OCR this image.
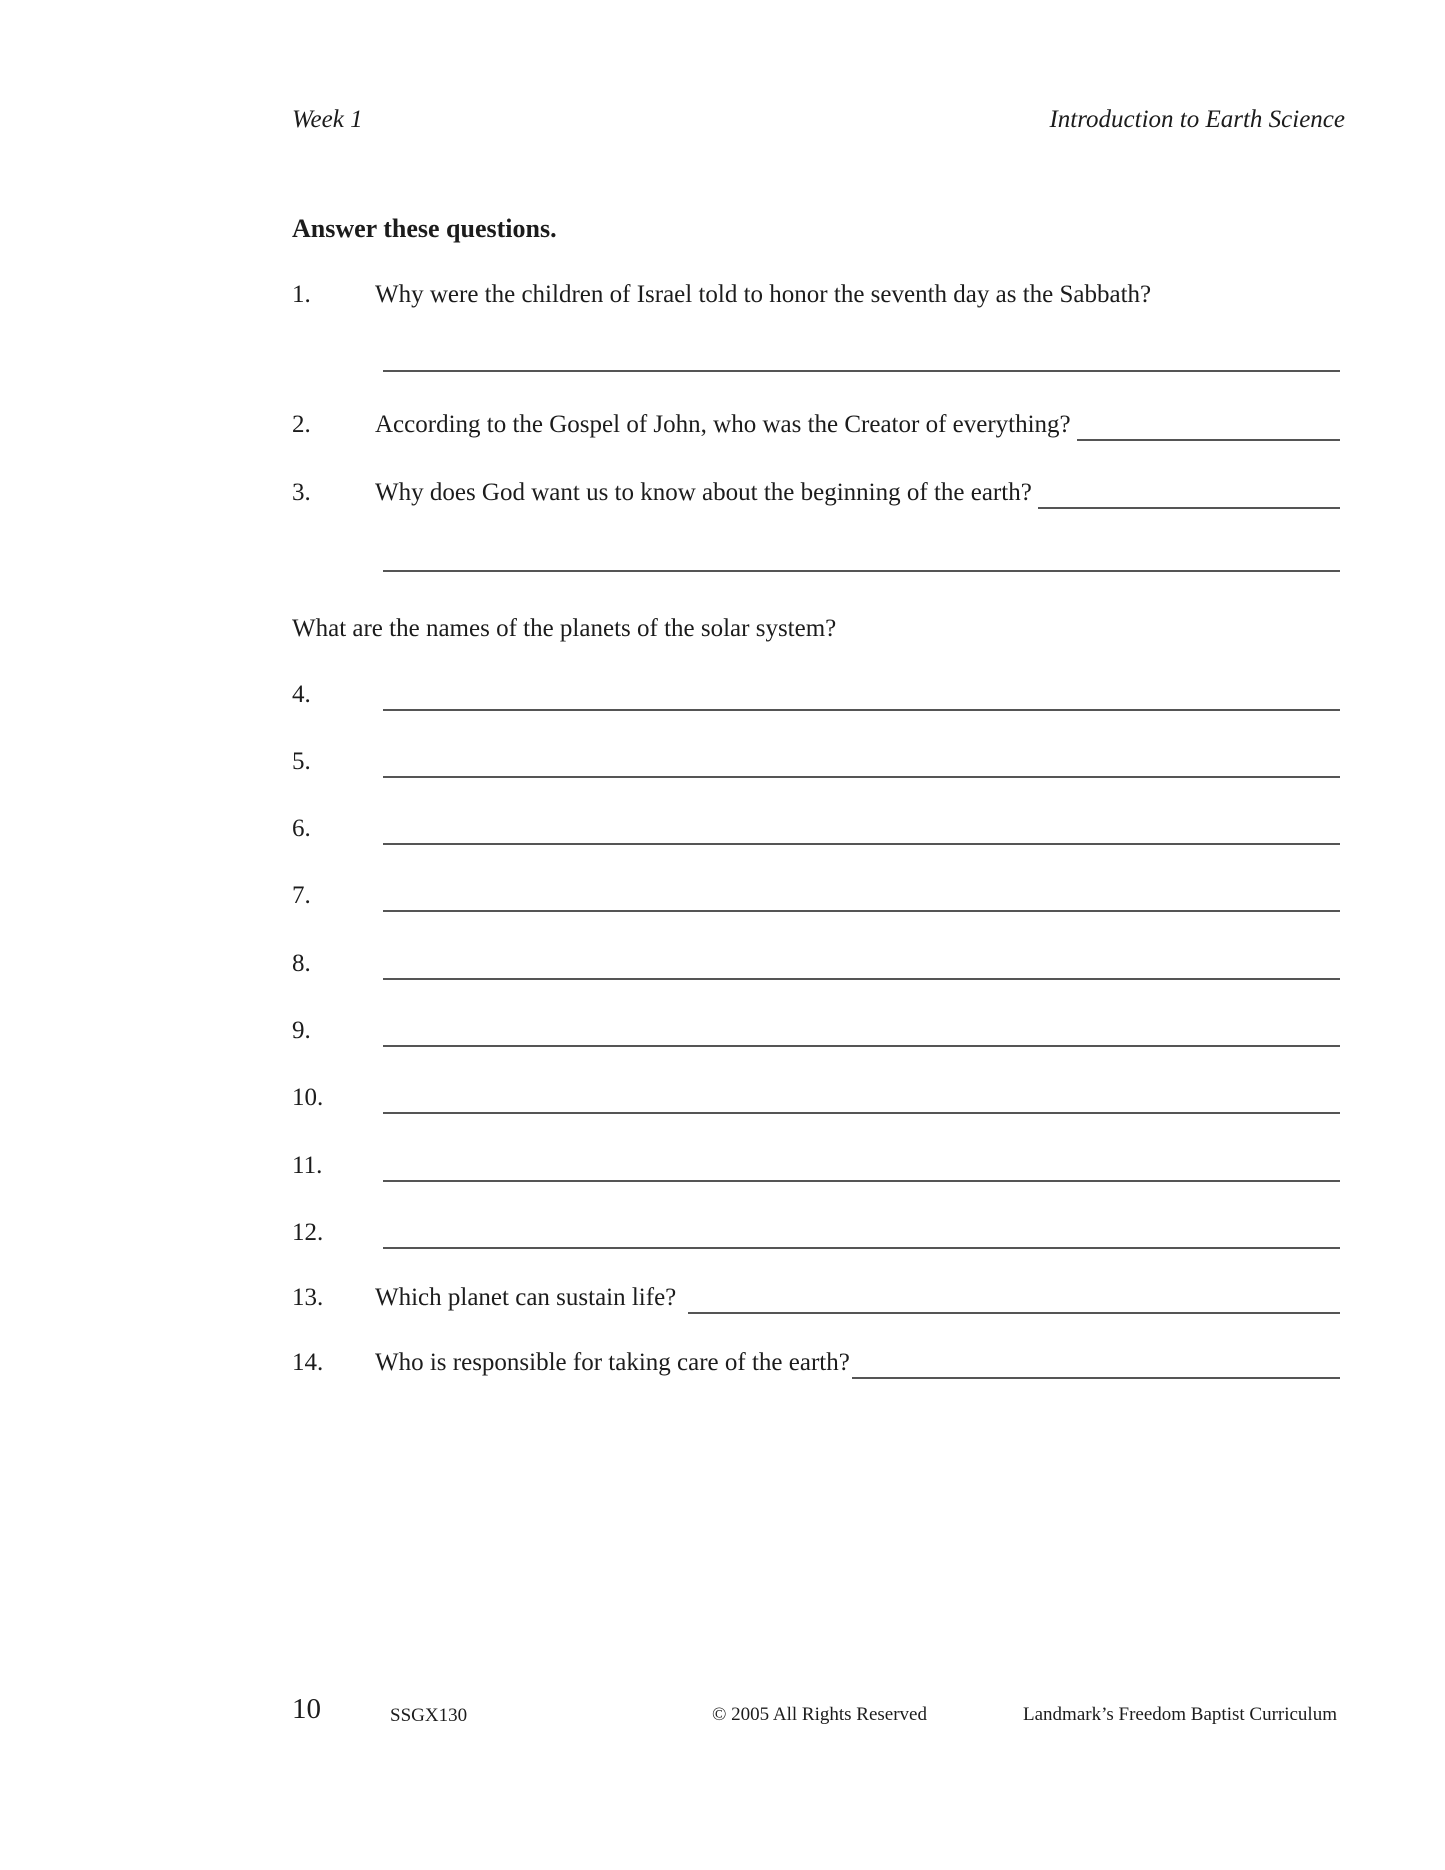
Week 1	Introduction to Earth Science
Answer these questions.
1.	Why were the children of Israel told to honor the seventh day as the Sabbath?
2.	According to the Gospel of John, who was the Creator of everything?
3.	Why does God want us to know about the beginning of the earth?
What are the names of the planets of the solar system?
4.
5.
6.
7.
8.
9.
10.
11.
12.
13.	Which planet can sustain life?
14.	Who is responsible for taking care of the earth?
10	SSGX130	© 2005 All Rights Reserved	Landmark’s Freedom Baptist Curriculum
